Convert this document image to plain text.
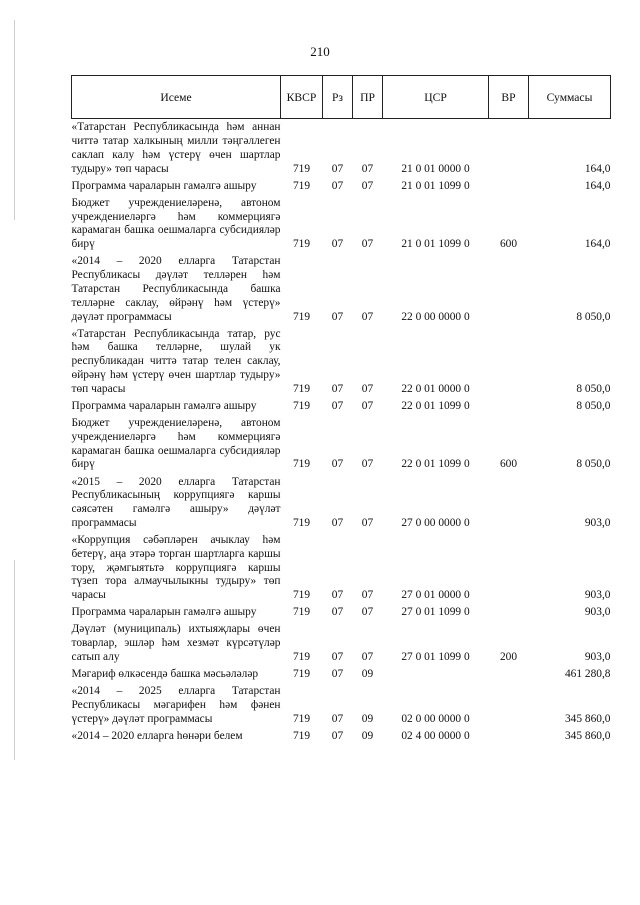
210
Исеме	КВСР	Рз	ПР	ЦСР	ВР	Суммасы
«Татарстан Республикасында һәм аннан читтә татар халкының милли тәңгәллеген саклап калу һәм үстерү өчен шартлар тудыру» төп чарасы	719	07	07	21 0 01 0000 0		164,0
Программа чараларын гамәлгә ашыру	719	07	07	21 0 01 1099 0		164,0
Бюджет учреждениеләренә, автоном учреждениеләргә һәм коммерциягә карамаган башка оешмаларга субсидияләр бирү	719	07	07	21 0 01 1099 0	600	164,0
«2014 – 2020 елларга Татарстан Республикасы дәүләт телләрен һәм Татарстан Республикасында башка телләрне саклау, өйрәнү һәм үстерү» дәүләт программасы	719	07	07	22 0 00 0000 0		8 050,0
«Татарстан Республикасында татар, рус һәм башка телләрне, шулай ук республикадан читтә татар телен саклау, өйрәнү һәм үстерү өчен шартлар тудыру» төп чарасы	719	07	07	22 0 01 0000 0		8 050,0
Программа чараларын гамәлгә ашыру	719	07	07	22 0 01 1099 0		8 050,0
Бюджет учреждениеләренә, автоном учреждениеләргә һәм коммерциягә карамаган башка оешмаларга субсидияләр бирү	719	07	07	22 0 01 1099 0	600	8 050,0
«2015 – 2020 елларга Татарстан Республикасының коррупциягә каршы сәясәтен гамәлгә ашыру» дәүләт программасы	719	07	07	27 0 00 0000 0		903,0
«Коррупция сәбәпләрен ачыклау һәм бетерү, аңа этәрә торган шартларга каршы тору, җәмгыятьтә коррупциягә каршы түзеп тора алмаучылыкны тудыру» төп чарасы	719	07	07	27 0 01 0000 0		903,0
Программа чараларын гамәлгә ашыру	719	07	07	27 0 01 1099 0		903,0
Дәүләт (муниципаль) ихтыяҗлары өчен товарлар, эшләр һәм хезмәт күрсәтүләр сатып алу	719	07	07	27 0 01 1099 0	200	903,0
Мәгариф өлкәсендә башка мәсьәләләр	719	07	09			461 280,8
«2014 – 2025 елларга Татарстан Республикасы мәгарифен һәм фәнен үстерү» дәүләт программасы	719	07	09	02 0 00 0000 0		345 860,0
«2014 – 2020 елларга һөнәри белем	719	07	09	02 4 00 0000 0		345 860,0
